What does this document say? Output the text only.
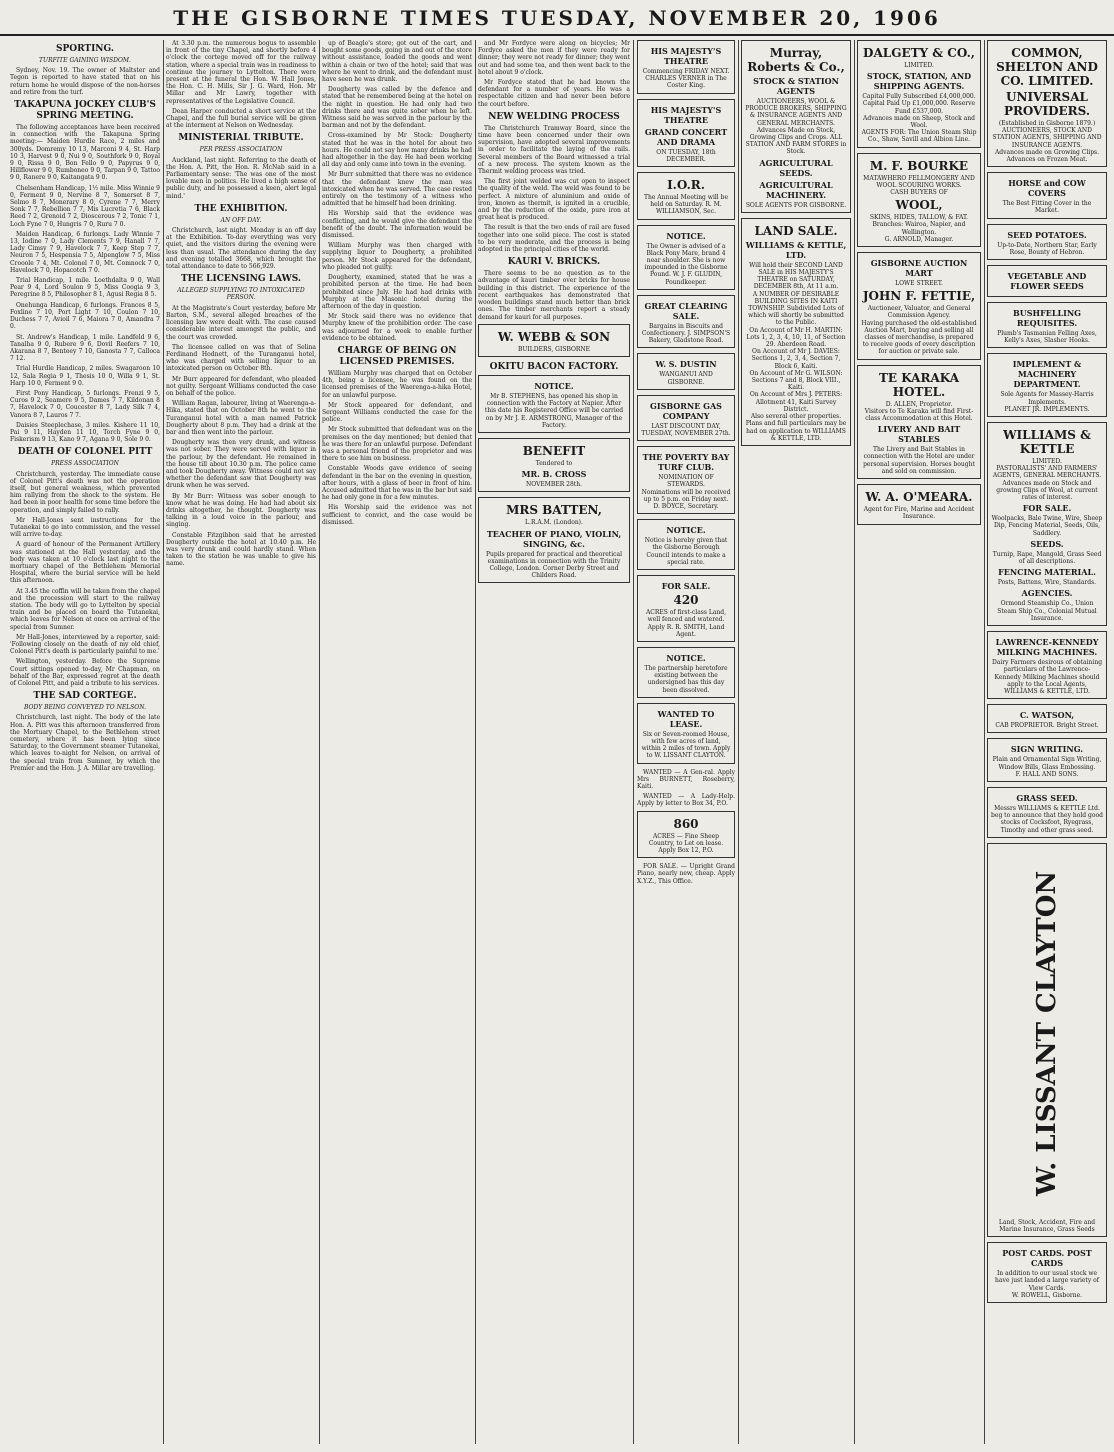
THE GISBORNE TIMES TUESDAY, NOVEMBER 20, 1906
SPORTING.
TURFITE GAINING WISDOM.

Sydney, Nov. 19. The owner of Maltster and Tegon is reported to have stated that on his return home he would dispose of the non-horses and retire from the turf.

TAKAPUNA JOCKEY CLUB'S SPRING MEETING.

The following acceptances have been received in connection with the Takapuna Spring meeting:— Maiden Hurdle Race, 2 miles and 300yds. Domremy 10 13, Marconi 9 4, St. Harp 10 3, Harvest 9 0, Nui 9 0, Southfork 9 0, Royal 9 0, Rissa 9 0, Bon Fello 9 0, Papyrus 9 0, Hillflower 9 0, Rumboneo 9 0, Tarpan 9 0, Tattoo 9 0, Ranere 9 0, Kaitangata 9 0.

Chelsenham Handicap, 1½ mile. Miss Winnie 9 0, Ferment 9 0, Nervine 8 7, Somerset 8 7, Selmo 8 7, Monerary 8 0, Cyrene 7 7, Merry Sonk 7 7, Rebellion 7 7, Mis Lucretia 7 6, Black Reed 7 2, Grenoid 7 2, Dioscerous 7 2, Tonic 7 1, Loch Fyne 7 0, Hungris 7 0, Ruru 7 0.

Maiden Handicap, 6 furlongs. Lady Winnie 7 13, Iodine 7 0, Lady Clements 7 9, Hanall 7 7, Lady Cimsy 7 9, Havelock 7 7, Keep Step 7 7, Neuron 7 5, Hespensia 7 5, Alpenglow 7 5, Miss Crooole 7 4, Mt. Colonel 7 0, Mt. Comnock 7 0, Havelock 7 0, Hopacotch 7 0.

Trial Handicap, 1 mile. Loethdalta 9 0, Wall Pear 9 4, Lord Soulon 9 5, Miss Coogia 9 3, Peregrine 8 5, Philosopher 8 1, Agusi Regia 8 5.

Onehunga Handicap, 6 furlongs. Frances 8 5, Foxline 7 10, Port Light 7 10, Coulon 7 10, Duchess 7 7, Avioil 7 6, Maiora 7 0, Amandra 7 0.

St. Andrew's Handicap, 1 mile. Landfeld 9 6, Tanalha 9 0, Rubere 9 6, Dovil Reefers 7 10, Akarana 8 7, Benteey 7 10, Ganosta 7 7, Calloca 7 12.

Trial Hurdle Handicap, 2 miles. Swagaroon 10 12, Sala Regia 9 1, Thesis 10 0, Willa 9 1, St. Harp 10 0, Ferment 9 0.

First Pony Handicap, 5 furlongs. Frenzi 9 5, Curos 9 2, Seamere 9 5, Dames 7 7, Kildonan 8 7, Havelock 7 0, Coucester 8 7, Lady Silk 7 4, Vanora 8 7, Lauros 7 7.

Daisies Steeplechase, 3 miles. Kishere 11 10, Pai 9 11, Hayden 11 10, Torch Fyne 9 0, Fiskerism 9 13, Kano 9 7, Agana 9 0, Sole 9 0.

DEATH OF COLONEL PITT
PRESS ASSOCIATION

Christchurch, yesterday. The immediate cause of Colonel Pitt's death was not the operation itself, but general weakness, which prevented him rallying from the shock to the system. He had been in poor health for some time before the operation, and simply failed to rally.

Mr Hall-Jones sent instructions for the Tutanekai to go into commission, and the vessel will arrive to-day.

A guard of honour of the Permanent Artillery was stationed at the Hall yesterday, and the body was taken at 10 o'clock last night to the mortuary chapel of the Bethlehem Memorial Hospital, where the burial service will be held this afternoon.

At 3.45 the coffin will be taken from the chapel and the procession will start to the railway station. The body will go to Lyttelton by special train and be placed on board the Tutanekai, which leaves for Nelson at once on arrival of the special from Sumner.

Mr Hall-Jones, interviewed by a reporter, said: 'Following closely on the death of my old chief, Colonel Pitt's death is particularly painful to me.'

Wellington, yesterday. Before the Supreme Court sittings opened to-day, Mr Chapman, on behalf of the Bar, expressed regret at the death of Colonel Pitt, and paid a tribute to his services.

THE SAD CORTEGE.
BODY BEING CONVEYED TO NELSON.

Christchurch, last night. The body of the late Hon. A. Pitt was this afternoon transferred from the Mortuary Chapel, to the Bethlehem street cemetery, where it has been lying since Saturday, to the Government steamer Tutanekai, which leaves to-night for Nelson, on arrival of the special train from Sumner, by which the Premier and the Hon. J. A. Millar are travelling.

At 3.30 p.m. the numerous bogus to assemble in front of the tiny Chapel, and shortly before 4 o'clock the cortege moved off for the railway station, where a special train was in readiness to continue the journey to Lyttelton. There were present at the funeral the Hon. W. Hall Jones, the Hon. C. H. Mills, Sir J. G. Ward, Hon. Mr Millar and Mr Lawry, together with representatives of the Legislative Council.

Dean Harper conducted a short service at the Chapel, and the full burial service will be given at the interment at Nelson on Wednesday.

MINISTERIAL TRIBUTE.
PER PRESS ASSOCIATION

Auckland, last night. Referring to the death of the Hon. A. Pitt, the Hon. R. McNab said in a Parliamentary sense: 'The was one of the most lovable men in politics. He lived a high sense of public duty, and he possessed a keen, alert legal mind.'

THE EXHIBITION.
AN OFF DAY.

Christchurch, last night. Monday is an off day at the Exhibition. To-day everything was very quiet, and the visitors during the evening were less than usual. The attendance during the day and evening totalled 3668, which brought the total attendance to date to 566,929.

THE LICENSING LAWS.
ALLEGED SUPPLYING TO INTOXICATED PERSON.

At the Magistrate's Court yesterday, before Mr Barton, S.M., several alleged breaches of the licensing law were dealt with. The case caused considerable interest amongst the public, and the court was crowded.

The licensee called on was that of Selina Ferdinand Hodnett, of the Turanganui hotel, who was charged with selling liquor to an intoxicated person on October 8th.

Mr Burr appeared for defendant, who pleaded not guilty. Sergeant Williams conducted the case on behalf of the police.

William Ragan, labourer, living at Waerenga-a-Hika, stated that on October 8th he went to the Turanganui hotel with a man named Patrick Dougherty about 8 p.m. They had a drink at the bar and then went into the parlour.

Dougherty was then very drunk, and witness was not sober. They were served with liquor in the parlour, by the defendant. He remained in the house till about 10.30 p.m. The police came and took Dougherty away. Witness could not say whether the defendant saw that Dougherty was drunk when he was served.

By Mr Burr: Witness was sober enough to know what he was doing. He had had about six drinks altogether, he thought. Dougherty was talking in a loud voice in the parlour, and singing.

Constable Fitzgibbon said that he arrested Dougherty outside the hotel at 10.40 p.m. He was very drunk and could hardly stand. When taken to the station he was unable to give his name.

up of Beagle's store; got out of the cart, and bought some goods, going in and out of the store without assistance, loaded the goods and went within a chain or two of the hotel; said that was where he went to drink, and the defendant must have seen he was drunk.

Dougherty was called by the defence and stated that he remembered being at the hotel on the night in question. He had only had two drinks there and was quite sober when he left. Witness said he was served in the parlour by the barman and not by the defendant.

Cross-examined by Mr Stock: Dougherty stated that he was in the hotel for about two hours. He could not say how many drinks he had had altogether in the day. He had been working all day and only came into town in the evening.

Mr Burr submitted that there was no evidence that the defendant knew the man was intoxicated when he was served. The case rested entirely on the testimony of a witness who admitted that he himself had been drinking.

His Worship said that the evidence was conflicting, and he would give the defendant the benefit of the doubt. The information would be dismissed.

William Murphy was then charged with supplying liquor to Dougherty, a prohibited person. Mr Stock appeared for the defendant, who pleaded not guilty.

Dougherty, examined, stated that he was a prohibited person at the time. He had been prohibited since July. He had had drinks with Murphy at the Masonic hotel during the afternoon of the day in question.

Mr Stock said there was no evidence that Murphy knew of the prohibition order. The case was adjourned for a week to enable further evidence to be obtained.

CHARGE OF BEING ON LICENSED PREMISES.

William Murphy was charged that on October 4th, being a licensee, he was found on the licensed premises of the Waerenga-a-hika Hotel, for an unlawful purpose.

Mr Stock appeared for defendant, and Sergeant Williams conducted the case for the police.

Mr Stock submitted that defendant was on the premises on the day mentioned; but denied that he was there for an unlawful purpose. Defendant was a personal friend of the proprietor and was there to see him on business.

Constable Woods gave evidence of seeing defendant in the bar on the evening in question, after hours, with a glass of beer in front of him. Accused admitted that he was in the bar but said he had only gone in for a few minutes.

His Worship said the evidence was not sufficient to convict, and the case would be dismissed.

and Mr Fordyce were along on bicycles; Mr Fordyce asked the men if they were ready for dinner; they were not ready for dinner; they went out and had some tea, and then went back to the hotel about 9 o'clock.

Mr Fordyce stated that he had known the defendant for a number of years. He was a respectable citizen and had never been before the court before.

NEW WELDING PROCESS

The Christchurch Tramway Board, since the time have been concerned under their own supervision, have adopted several improvements in order to facilitate the laying of the rails. Several members of the Board witnessed a trial of a new process. The system known as the Thermit welding process was tried.

The first joint welded was cut open to inspect the quality of the weld. The weld was found to be perfect. A mixture of aluminium and oxide of iron, known as thermit, is ignited in a crucible, and by the reduction of the oxide, pure iron at great heat is produced.

The result is that the two ends of rail are fused together into one solid piece. The cost is stated to be very moderate, and the process is being adopted in the principal cities of the world.

KAURI V. BRICKS.

There seems to be no question as to the advantage of kauri timber over bricks for house building in this district. The experience of the recent earthquakes has demonstrated that wooden buildings stand much better than brick ones. The timber merchants report a steady demand for kauri for all purposes.

W. WEBB & SON
BUILDERS, GISBORNE
OKITU BACON FACTORY.
NOTICE.
Mr B. STEPHENS, has opened his shop in connection with the Factory at Napier. After this date his Registered Office will be carried on by Mr J. E. ARMSTRONG, Manager of the Factory.
BENEFIT
Tendered to
MR. B. CROSS
NOVEMBER 28th.
MRS BATTEN,
L.R.A.M. (London).
TEACHER OF PIANO, VIOLIN, SINGING, &c.
Pupils prepared for practical and theoretical examinations in connection with the Trinity College, London. Corner Derby Street and Childers Road.
HIS MAJESTY'S THEATRE
Commencing FRIDAY NEXT.
CHARLES VERNER in The Coster King.
HIS MAJESTY'S THEATRE
GRAND CONCERT AND DRAMA
ON TUESDAY, 18th DECEMBER.
I.O.R.
The Annual Meeting will be held on Saturday. R. M. WILLIAMSON, Sec.
NOTICE.
The Owner is advised of a Black Pony Mare, brand 4 near shoulder. She is now impounded in the Gisborne Pound. W. J. F. GLUDIN, Poundkeeper.
GREAT CLEARING SALE.
Bargains in Biscuits and Confectionery. J. SIMPSON'S Bakery, Gladstone Road.
W. S. DUSTIN
WANGANUI AND GISBORNE.
GISBORNE GAS COMPANY
LAST DISCOUNT DAY, TUESDAY, NOVEMBER 27th.
THE POVERTY BAY TURF CLUB.
NOMINATION OF STEWARDS.
Nominations will be received up to 5 p.m. on Friday next. D. BOYCE, Secretary.
NOTICE.
Notice is hereby given that the Gisborne Borough Council intends to make a special rate.
FOR SALE.
420
ACRES of first-class Land, well fenced and watered. Apply R. R. SMITH, Land Agent.
NOTICE.
The partnership heretofore existing between the undersigned has this day been dissolved.
WANTED TO LEASE.
Six or Seven-roomed House, with few acres of land, within 2 miles of town. Apply to W. LISSANT CLAYTON.

WANTED — A Gen-ral. Apply Mrs BURNETT, Roseberry, Kaiti.

WANTED — A Lady-Help. Apply by letter to Box 34, P.O.

860
ACRES — Fine Sheep Country, to Let on lease. Apply Box 12, P.O.

FOR SALE. — Upright Grand Piano, nearly new, cheap. Apply X.Y.Z., This Office.

Murray, Roberts & Co.,
STOCK & STATION AGENTS
AUCTIONEERS, WOOL & PRODUCE BROKERS, SHIPPING & INSURANCE AGENTS AND GENERAL MERCHANTS.
Advances Made on Stock, Growing Clips and Crops. ALL STATION AND FARM STORES in Stock.
AGRICULTURAL SEEDS.
AGRICULTURAL MACHINERY.
SOLE AGENTS FOR GISBORNE.
LAND SALE.
WILLIAMS & KETTLE, LTD.
Will hold their SECOND LAND SALE in HIS MAJESTY'S THEATRE on SATURDAY, DECEMBER 8th, At 11 a.m.
A NUMBER OF DESIRABLE BUILDING SITES IN KAITI TOWNSHIP. Subdivided Lots of which will shortly be submitted to the Public.
On Account of Mr H. MARTIN: Lots 1, 2, 3, 4, 10, 11, of Section 29. Aberdeen Road.
On Account of Mr J. DAVIES: Sections 1, 2, 3, 4, Section 7, Block 6, Kaiti.
On Account of Mr G. WILSON: Sections 7 and 8, Block VIII., Kaiti.
On Account of Mrs J. PETERS: Allotment 41, Kaiti Survey District.
Also several other properties. Plans and full particulars may be had on application to WILLIAMS & KETTLE, LTD.
DALGETY & CO.,
LIMITED.
STOCK, STATION, AND SHIPPING AGENTS.
Capital Fully Subscribed £4,000,000. Capital Paid Up £1,000,000. Reserve Fund £537,000.
Advances made on Sheep, Stock and Wool.
AGENTS FOR: The Union Steam Ship Co., Shaw, Savill and Albion Line.
M. F. BOURKE
MATAWHERO FELLMONGERY AND WOOL SCOURING WORKS.
CASH BUYERS OF
WOOL,
SKINS, HIDES, TALLOW, & FAT.
Branches: Wairoa, Napier, and Wellington.
G. ARNOLD, Manager.
GISBORNE AUCTION MART
LOWE STREET.
JOHN F. FETTIE,
Auctioneer, Valuator, and General Commission Agency.
Having purchased the old-established Auction Mart, buying and selling all classes of merchandise, is prepared to receive goods of every description for auction or private sale.
TE KARAKA HOTEL.
D. ALLEN, Proprietor.
Visitors to Te Karaka will find First-class Accommodation at this Hotel.
LIVERY AND BAIT STABLES
The Livery and Bait Stables in connection with the Hotel are under personal supervision. Horses bought and sold on commission.
W. A. O'MEARA.
Agent for Fire, Marine and Accident Insurance.
COMMON, SHELTON AND CO. LIMITED.
UNIVERSAL PROVIDERS.
(Established in Gisborne 1879.)
AUCTIONEERS, STOCK AND STATION AGENTS, SHIPPING AND INSURANCE AGENTS.
Advances made on Growing Clips. Advances on Frozen Meat.
HORSE and COW COVERS
The Best Fitting Cover in the Market.
SEED POTATOES.
Up-to-Date, Northern Star, Early Rose, Bounty of Hebron.
VEGETABLE AND FLOWER SEEDS
BUSHFELLING REQUISITES.
Plumb's Tasmanian Felling Axes, Kelly's Axes, Slasher Hooks.
IMPLEMENT & MACHINERY DEPARTMENT.
Sole Agents for Massey-Harris Implements.
PLANET JR. IMPLEMENTS.
WILLIAMS & KETTLE
LIMITED.
PASTORALISTS' AND FARMERS' AGENTS, GENERAL MERCHANTS.
Advances made on Stock and growing Clips of Wool, at current rates of interest.
FOR SALE.
Woolpacks, Bale Twine, Wire, Sheep Dip, Fencing Material, Seeds, Oils, Saddlery.
SEEDS.
Turnip, Rape, Mangold, Grass Seed of all descriptions.
FENCING MATERIAL.
Posts, Battens, Wire, Standards.
AGENCIES.
Ormond Steamship Co., Union Steam Ship Co., Colonial Mutual Insurance.
LAWRENCE-KENNEDY MILKING MACHINES.
Dairy Farmers desirous of obtaining particulars of the Lawrence-Kennedy Milking Machines should apply to the Local Agents, WILLIAMS & KETTLE, LTD.
C. WATSON,
CAB PROPRIETOR. Bright Street.
SIGN WRITING.
Plain and Ornamental Sign Writing, Window Bills, Glass Embossing.
F. HALL AND SONS.
GRASS SEED.
Messrs WILLIAMS & KETTLE Ltd. beg to announce that they hold good stocks of Cocksfoot, Ryegrass, Timothy and other grass seed.
W. LISSANT CLAYTON
Land, Stock, Accident, Fire and Marine Insurance, Grass Seeds
POST CARDS. POST CARDS
In addition to our usual stock we have just landed a large variety of View Cards.
W. ROWELL, Gisborne.
